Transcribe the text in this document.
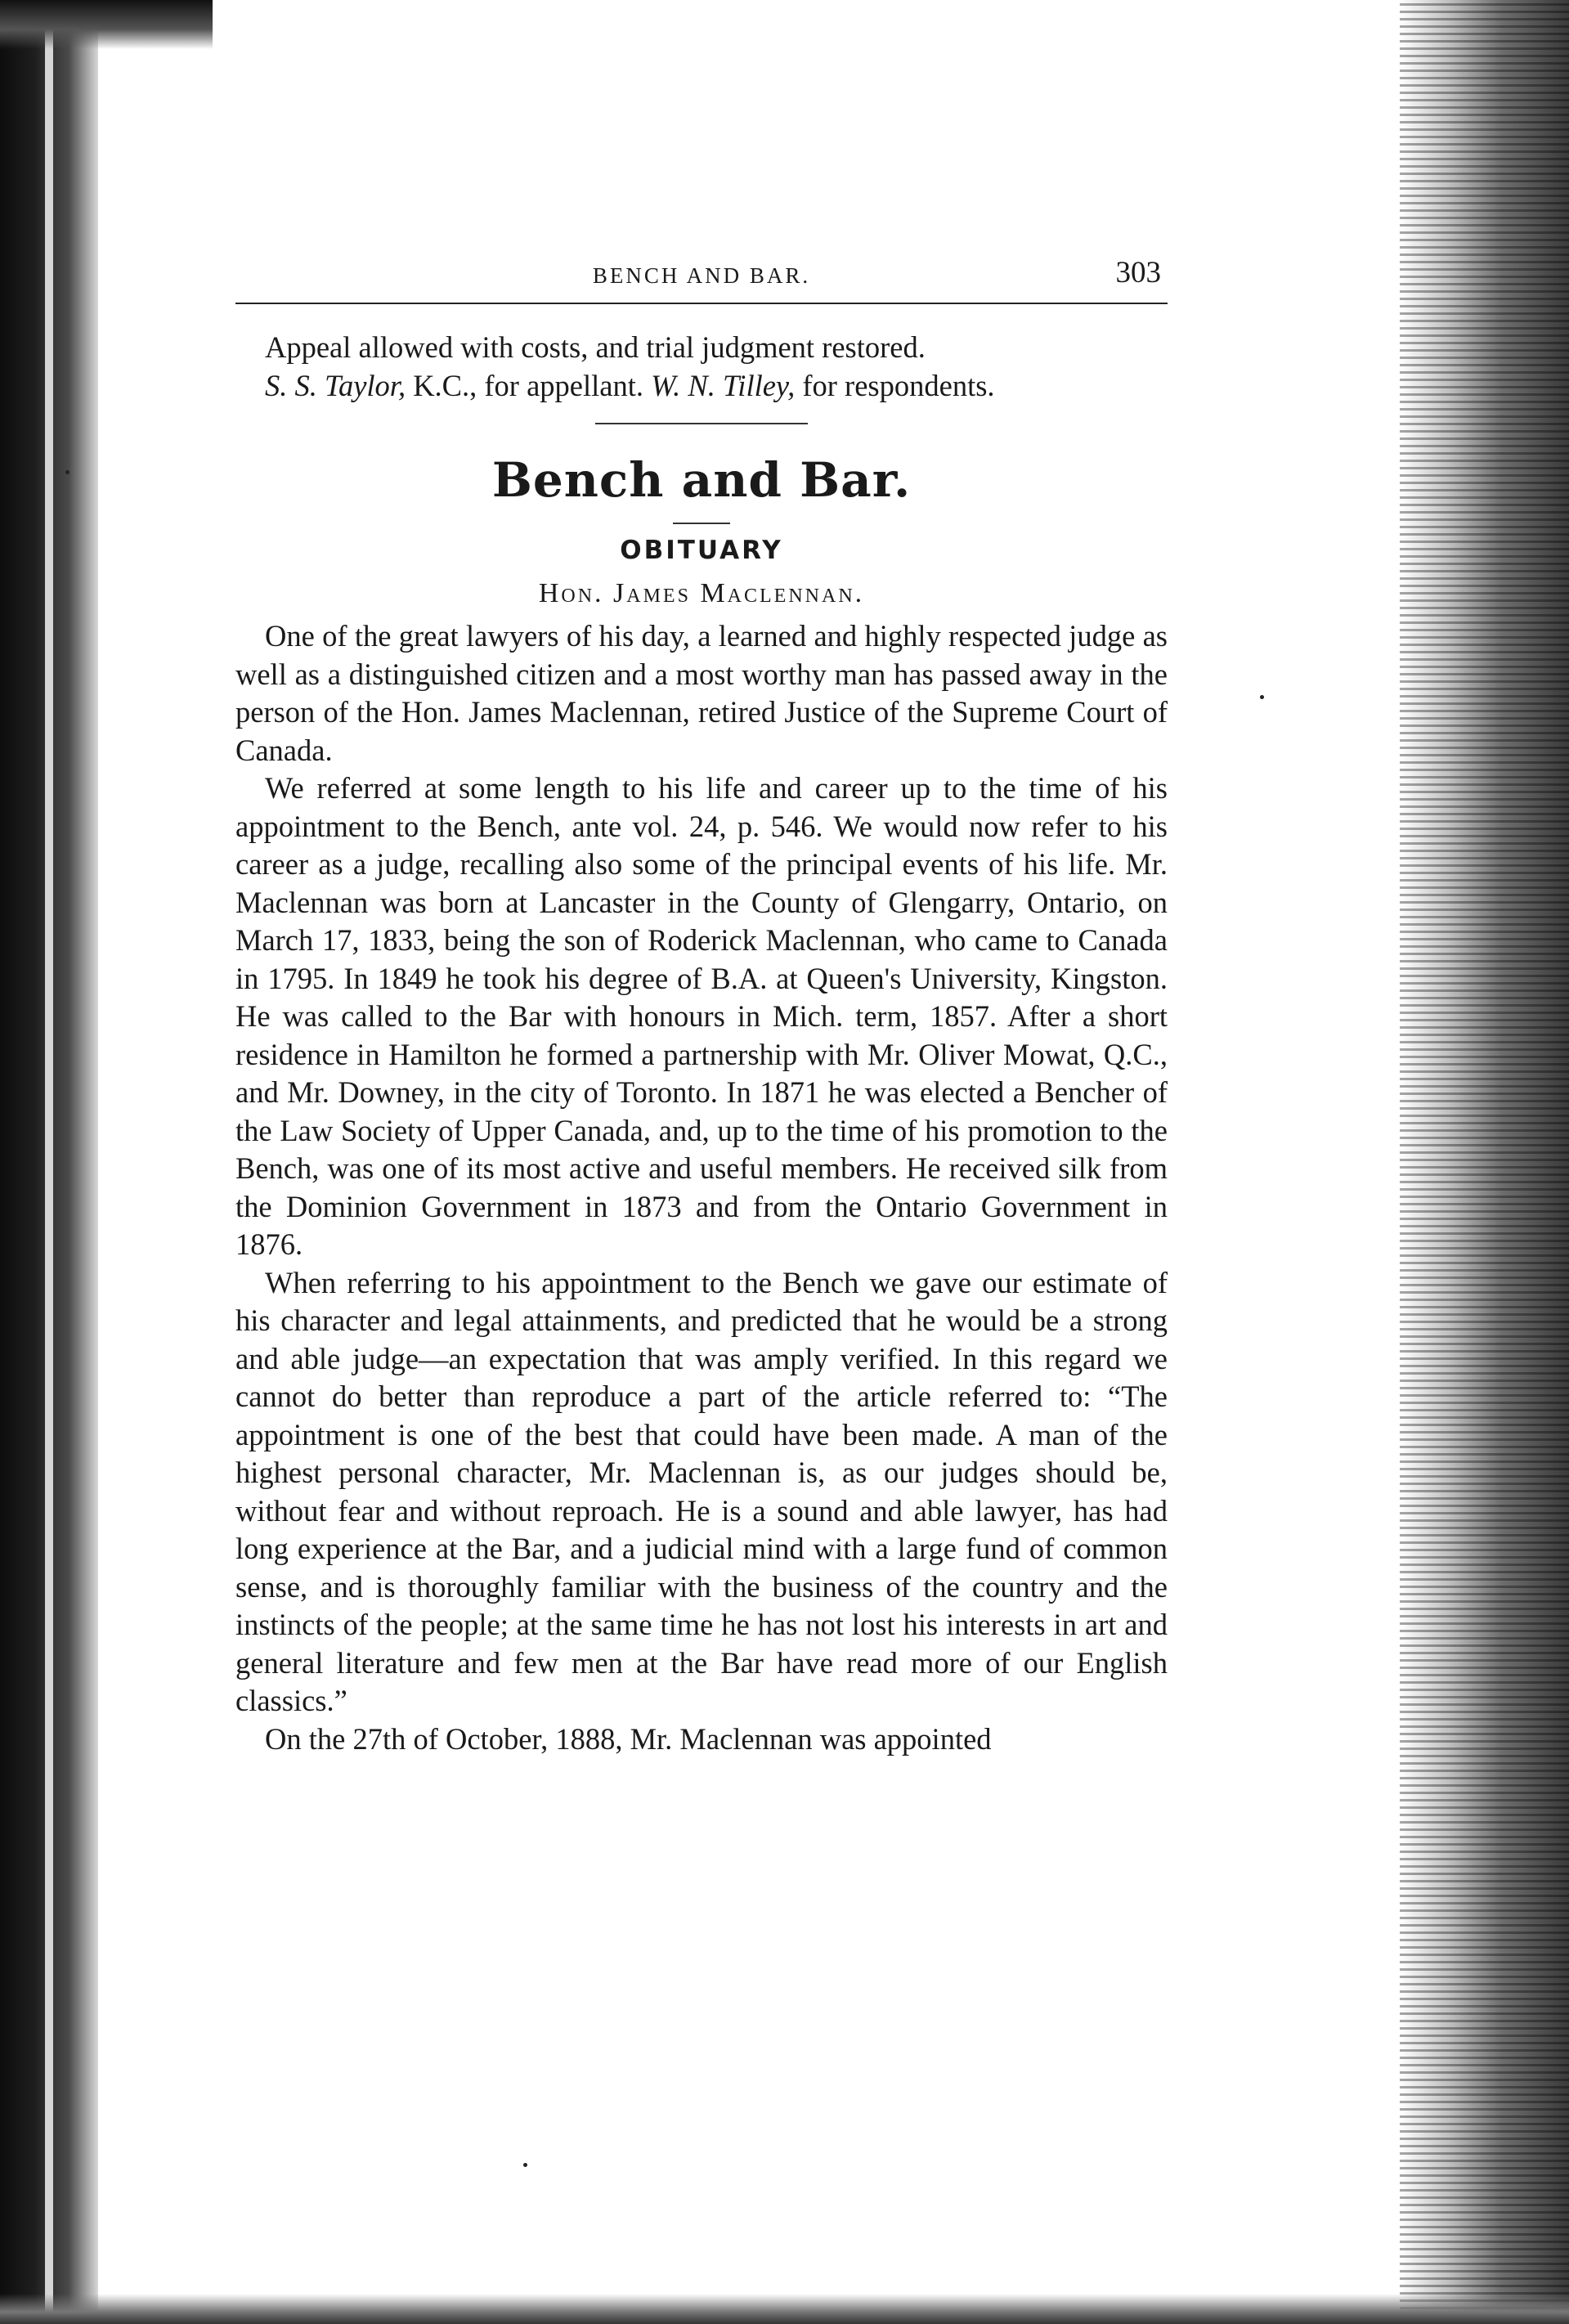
BENCH AND BAR.	303

Appeal allowed with costs, and trial judgment restored.

S. S. Taylor, K.C., for appellant. W. N. Tilley, for respondents.

Bench and Bar.
OBITUARY
Hon. James Maclennan.

One of the great lawyers of his day, a learned and highly respected judge as well as a distinguished citizen and a most worthy man has passed away in the person of the Hon. James Maclennan, retired Justice of the Supreme Court of Canada.

We referred at some length to his life and career up to the time of his appointment to the Bench, ante vol. 24, p. 546. We would now refer to his career as a judge, recalling also some of the principal events of his life. Mr. Maclennan was born at Lancaster in the County of Glengarry, Ontario, on March 17, 1833, being the son of Roderick Maclennan, who came to Canada in 1795. In 1849 he took his degree of B.A. at Queen's University, Kingston. He was called to the Bar with honours in Mich. term, 1857. After a short residence in Hamilton he formed a partnership with Mr. Oliver Mowat, Q.C., and Mr. Downey, in the city of Toronto. In 1871 he was elected a Bencher of the Law Society of Upper Canada, and, up to the time of his promotion to the Bench, was one of its most active and useful members. He received silk from the Dominion Government in 1873 and from the Ontario Government in 1876.

When referring to his appointment to the Bench we gave our estimate of his character and legal attainments, and predicted that he would be a strong and able judge—an expectation that was amply verified. In this regard we cannot do better than reproduce a part of the article referred to: “The appointment is one of the best that could have been made. A man of the highest personal character, Mr. Maclennan is, as our judges should be, without fear and without reproach. He is a sound and able lawyer, has had long experience at the Bar, and a judicial mind with a large fund of common sense, and is thoroughly familiar with the business of the country and the instincts of the people; at the same time he has not lost his interests in art and general literature and few men at the Bar have read more of our English classics.”

On the 27th of October, 1888, Mr. Maclennan was appointed
